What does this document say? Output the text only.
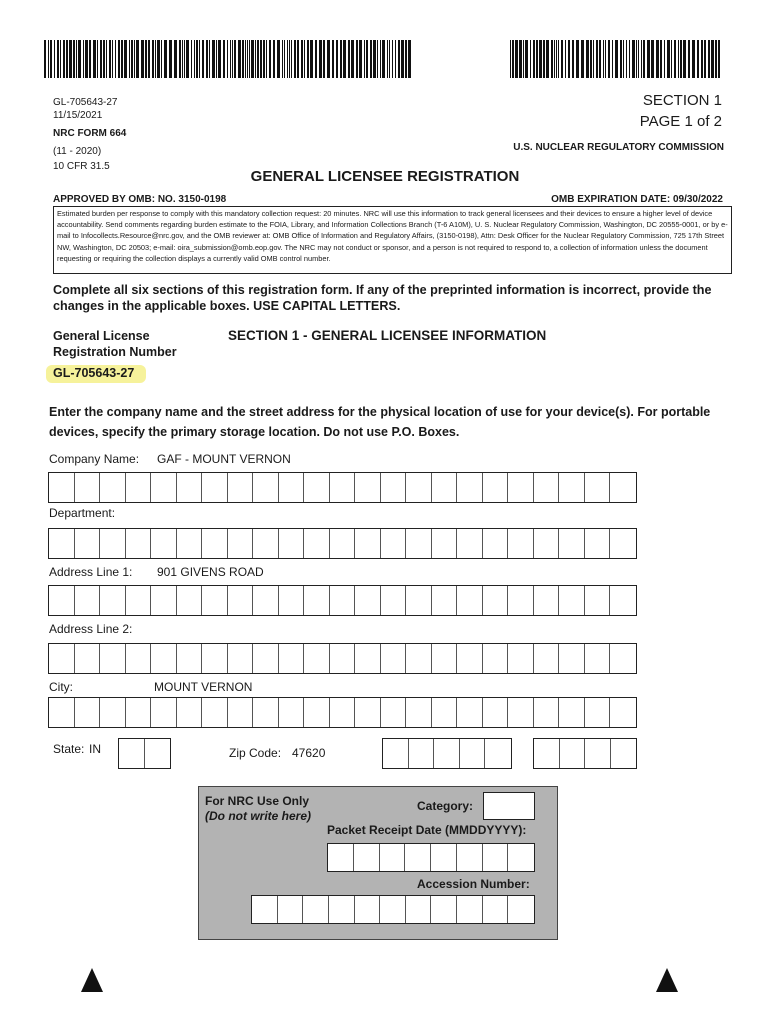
GL-705643-27
11/15/2021
NRC FORM 664
(11 - 2020)
10 CFR 31.5
SECTION 1
PAGE 1 of 2
U.S. NUCLEAR REGULATORY COMMISSION
GENERAL LICENSEE REGISTRATION
APPROVED BY OMB: NO. 3150-0198	OMB EXPIRATION DATE: 09/30/2022
Estimated burden per response to comply with this mandatory collection request: 20 minutes. NRC will use this information to track general licensees and their devices to ensure a higher level of device accountability. Send comments regarding burden estimate to the FOIA, Library, and Information Collections Branch (T-6 A10M), U. S. Nuclear Regulatory Commission, Washington, DC 20555-0001, or by e-mail to Infocollects.Resource@nrc.gov, and the OMB reviewer at: OMB Office of Information and Regulatory Affairs, (3150-0198), Attn: Desk Officer for the Nuclear Regulatory Commission, 725 17th Street NW, Washington, DC 20503; e-mail: oira_submission@omb.eop.gov. The NRC may not conduct or sponsor, and a person is not required to respond to, a collection of information unless the document requesting or requiring the collection displays a currently valid OMB control number.
Complete all six sections of this registration form. If any of the preprinted information is incorrect, provide the changes in the applicable boxes. USE CAPITAL LETTERS.
General License
Registration Number
GL-705643-27
SECTION 1 - GENERAL LICENSEE INFORMATION
Enter the company name and the street address for the physical location of use for your device(s). For portable devices, specify the primary storage location. Do not use P.O. Boxes.
Company Name: GAF - MOUNT VERNON
Department:
Address Line 1: 901 GIVENS ROAD
Address Line 2:
City:	MOUNT VERNON
State: IN	Zip Code: 47620
For NRC Use Only
(Do not write here)
Category:
Packet Receipt Date (MMDDYYYY):
Accession Number:
